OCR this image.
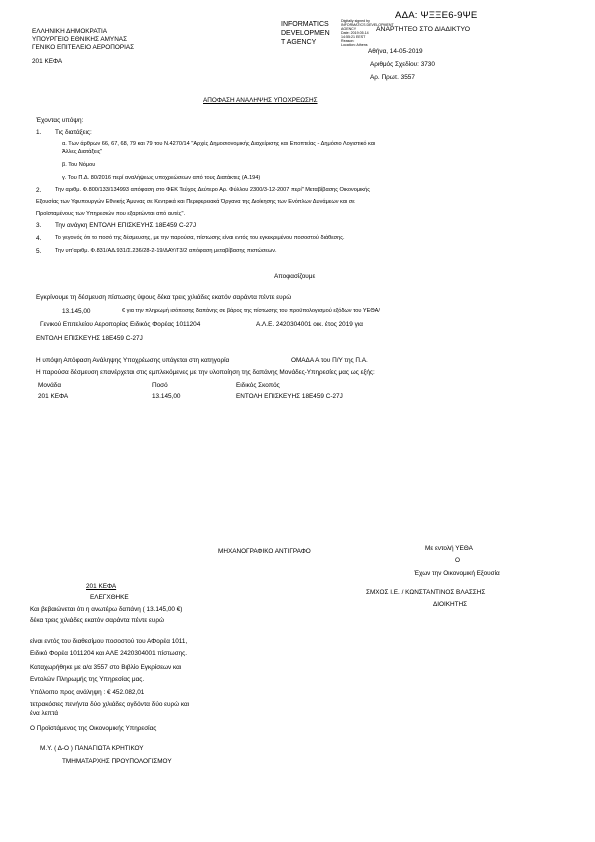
ΕΛΛΗΝΙΚΗ ΔΗΜΟΚΡΑΤΙΑ
ΥΠΟΥΡΓΕΙΟ ΕΘΝΙΚΗΣ ΑΜΥΝΑΣ
ΓΕΝΙΚΟ ΕΠΙΤΕΛΕΙΟ ΑΕΡΟΠΟΡΙΑΣ
201 ΚΕΦΑ
INFORMATICS
DEVELOPMEN
T AGENCY
Digitally signed by
INFORMATICS DEVELOPMENT
AGENCY
Date: 2019.05.14
14:55:21 EEST
Reason:
Location: Athens
ΑΔΑ: ΨΞΞΕ6-9ΨΕ
ΑΝΑΡΤΗΤΕΟ ΣΤΟ ΔΙΑΔΙΚΤΥΟ
Αθήνα, 14-05-2019
Αριθμός Σχεδίου: 3730
Αρ. Πρωτ. 3557
ΑΠΟΦΑΣΗ ΑΝΑΛΗΨΗΣ ΥΠΟΧΡΕΩΣΗΣ
Έχοντας υπόψη:
1. Τις διατάξεις:
α. Των άρθρων 66, 67, 68, 79 και 79 του Ν.4270/14 "Αρχές Δημοσιονομικής Διαχείρισης και Εποπτείας - Δημόσιο Λογιστικό και
Άλλες Διατάξεις"
β. Του Νόμου
γ. Του Π.Δ. 80/2016 περί αναλήψεως υποχρεώσεων από τους Διατάκτες (Α.194)
2. Την αριθμ. Φ.800/133/134993 απόφαση στο ΦΕΚ Τεύχος Δεύτερο Αρ. Φύλλου 2300/3-12-2007 περί" Μεταβίβασης Οικονομικής
Εξουσίας των Υφυπουργών Εθνικής Άμυνας σε Κεντρικά και Περιφερειακά Όργανα της Διοίκησης των Ενόπλων Δυνάμεων και σε
Προϊσταμένους των Υπηρεσιών που εξαρτώνται από αυτές".
3. Την ανάγκη ΕΝΤΟΛΗ ΕΠΙΣΚΕΥΗΣ 18Ε459 C-27J
4. Το γεγονός ότι το ποσό της δέσμευσης, με την παρούσα, πίστωσης είναι εντός του εγκεκριμένου ποσοστού διάθεσης.
5. Την υπ'αριθμ. Φ.831/ΑΔ.931/Σ.236/28-2-19/ΔΑΥ/Γ3/2 απόφαση μεταβίβασης πιστώσεων.
Αποφασίζουμε
Εγκρίνουμε τη δέσμευση πίστωσης ύψους δέκα τρεις χιλιάδες εκατόν σαράντα πέντε ευρώ
13.145,00	€ για την πληρωμή ισόποσης δαπάνης σε βάρος της πίστωσης του προϋπολογισμού εξόδων του ΥΕΘΑ/
Γενικού Επιτελείου Αεροπορίας Ειδικός Φορέας 1011204	Α.Λ.Ε. 2420304001 οικ. έτος 2019 για
ΕΝΤΟΛΗ ΕΠΙΣΚΕΥΗΣ 18Ε459 C-27J
Η υπόψη Απόφαση Ανάληψης Υποχρέωσης υπάγεται στη κατηγορία	ΟΜΑΔΑ Α του Π/Υ της Π.Α.
Η παρούσα δέσμευση επανέρχεται στις εμπλεκόμενες με την υλοποίηση της δαπάνης Μονάδες-Υπηρεσίες μας ως εξής:
Μονάδα	Ποσό	Ειδικός Σκοπός
201 ΚΕΦΑ	13.145,00	ΕΝΤΟΛΗ ΕΠΙΣΚΕΥΗΣ 18Ε459 C-27J
ΜΗΧΑΝΟΓΡΑΦΙΚΟ ΑΝΤΙΓΡΑΦΟ	Με εντολή ΥΕΘΑ
Ο
Έχων την Οικονομική Εξουσία
ΣΜΧΟΣ Ι.Ε. / ΚΩΝΣΤΑΝΤΙΝΟΣ ΒΛΑΣΣΗΣ
ΔΙΟΙΚΗΤΗΣ
201 ΚΕΦΑ
ΕΛΕΓΧΘΗΚΕ
Και βεβαιώνεται ότι η ανωτέρω δαπάνη ( 13.145,00 €)
δέκα τρεις χιλιάδες εκατόν σαράντα πέντε ευρώ
είναι εντός του διαθεσίμου ποσοστού του ΑΦορέα 1011,
Ειδικό Φορέα 1011204 και ΑΛΕ 2420304001 πίστωσης.
Καταχωρήθηκε με α/α 3557 στο Βιβλίο Εγκρίσεων και
Εντολών Πληρωμής της Υπηρεσίας μας.
Υπόλοιπο προς ανάληψη : € 452.082,01
τετρακόσιες πενήντα δύο χιλιάδες ογδόντα δύο ευρώ και
ένα λεπτά
Ο Προϊστάμενος της Οικονομικής Υπηρεσίας
Μ.Υ. ( Δ-Ο ) ΠΑΝΑΓΙΩΤΑ ΚΡΗΤΙΚΟΥ
ΤΜΗΜΑΤΑΡΧΗΣ ΠΡΟΥΠΟΛΟΓΙΣΜΟΥ
